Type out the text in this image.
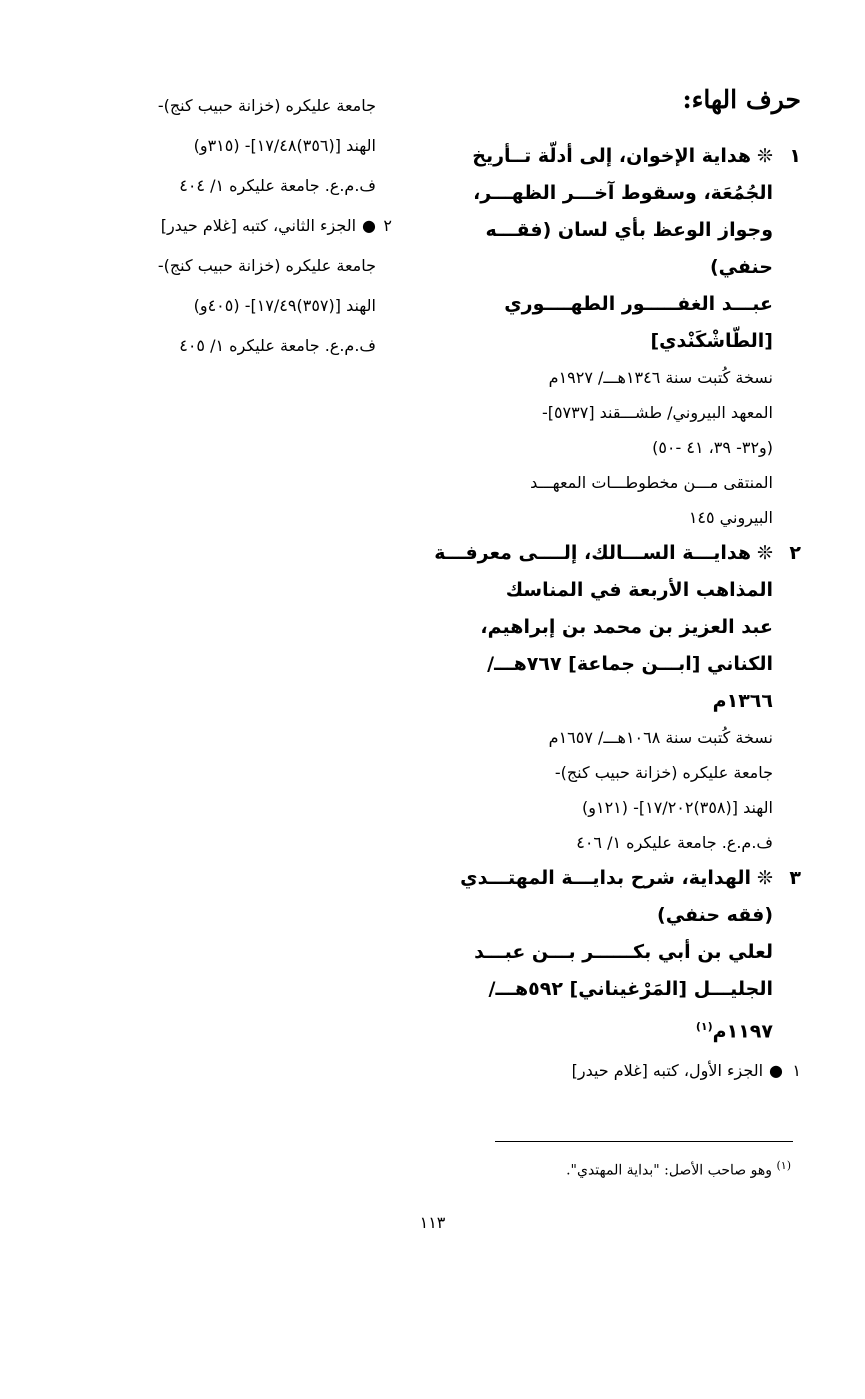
حرف الهاء:
١
❊هداية الإخوان، إلى أدلّة تــأريخ
الجُمُعَة، وسقوط آخـــر الظهـــر،
وجواز الوعظ بأي لسان (فقـــه
حنفي)
عبـــد الغفـــــور الطهــــوري
[الطّاشْكَنْدي]
نسخة كُتبت سنة ١٣٤٦هـــ/ ١٩٢٧م
المعهد البيروني/ طشـــقند [٥٧٣٧]-
(و٣٢- ٣٩، ٤١ -٥٠)
المنتقى مـــن مخطوطـــات المعهـــد
البيروني ١٤٥
٢
❊هدايـــة الســـالك، إلــــى معرفـــة
المذاهب الأربعة في المناسك
عبد العزيز بن محمد بن إبراهيم،
الكناني [ابـــن جماعة] ٧٦٧هـــ/
١٣٦٦م
نسخة كُتبت سنة ١٠٦٨هـــ/ ١٦٥٧م
جامعة عليكره (خزانة حبيب كنج)-
الهند [(٣٥٨)١٧/٢٠٢]- (١٢١و)
ف.م.ع. جامعة عليكره ١/ ٤٠٦
٣
❊الهداية، شرح بدايـــة المهتـــدي
(فقه حنفي)
لعلي بن أبي بكــــــر بـــن عبـــد
الجليـــل [المَرْغيناني] ٥٩٢هـــ/
١١٩٧م$^{(١)}$
١
●الجزء الأول، كتبه [غلام حيدر]
جامعة عليكره (خزانة حبيب كنج)-
الهند [(٣٥٦)١٧/٤٨]- (٣١٥و)
ف.م.ع. جامعة عليكره ١/ ٤٠٤
٢
●الجزء الثاني، كتبه [غلام حيدر]
جامعة عليكره (خزانة حبيب كنج)-
الهند [(٣٥٧)١٧/٤٩]- (٤٠٥و)
ف.م.ع. جامعة عليكره ١/ ٤٠٥
$^{(١)}$ وهو صاحب الأصل: "بداية المهتدي".
١١٣
